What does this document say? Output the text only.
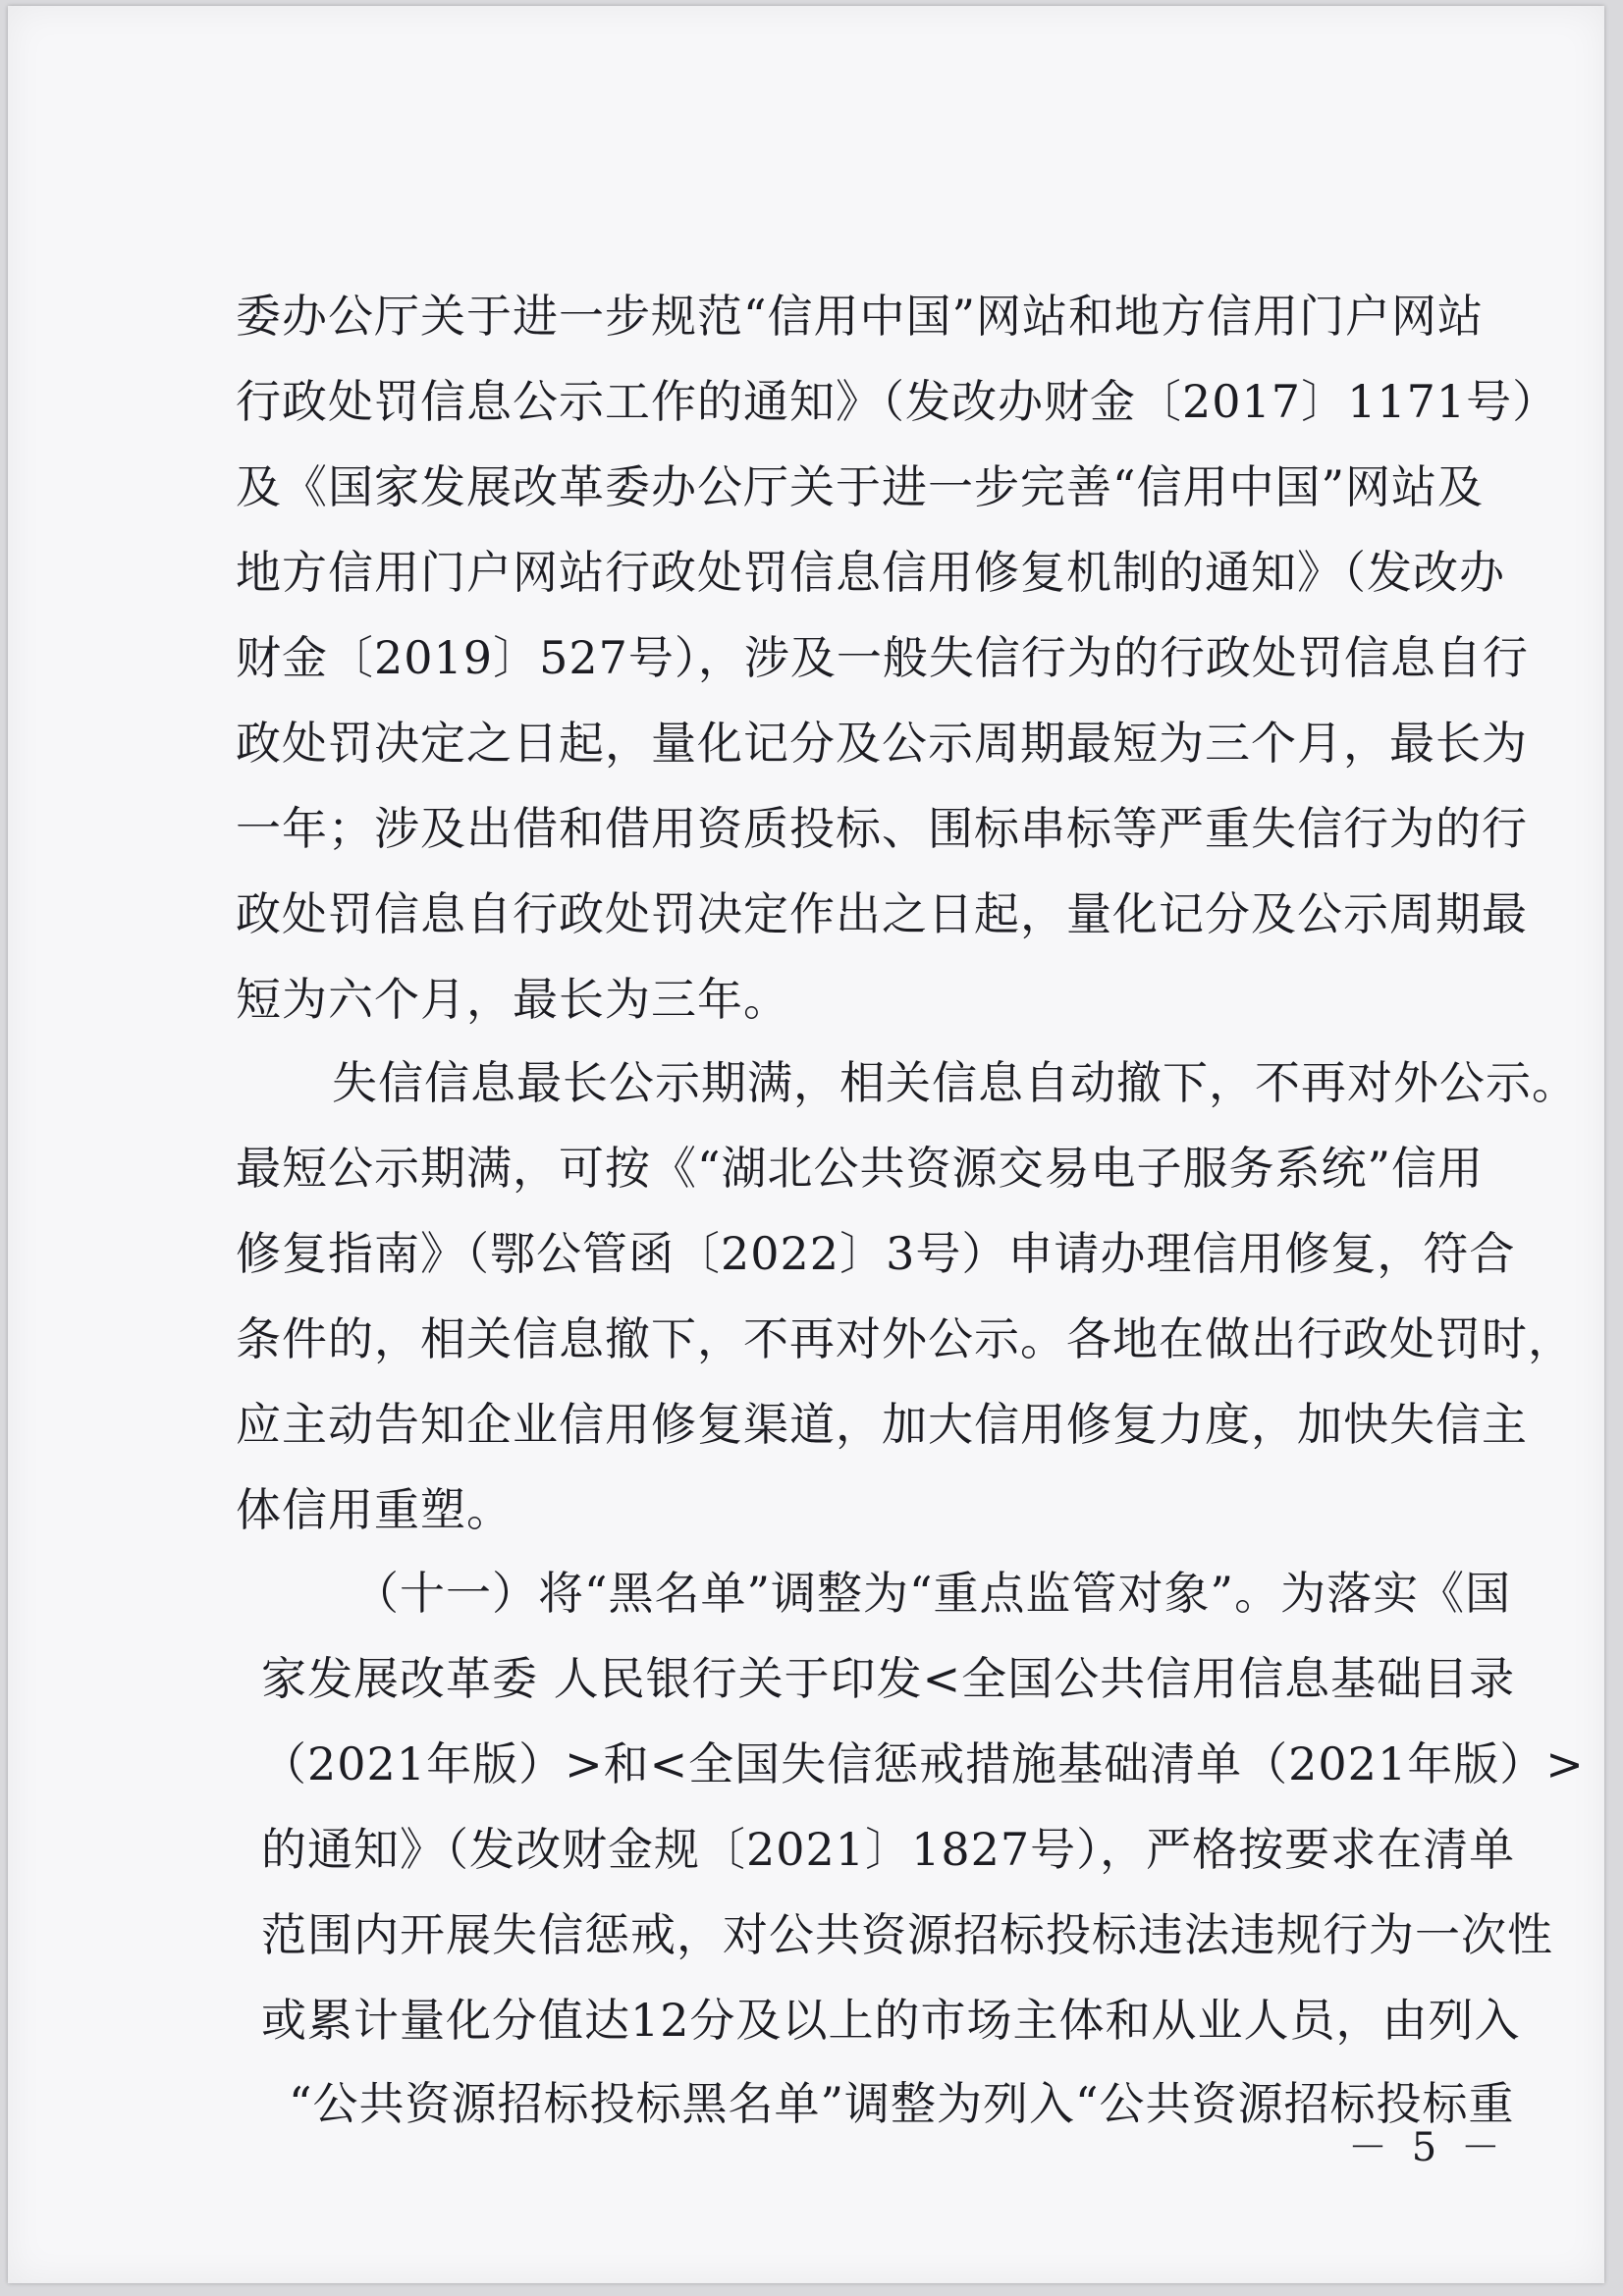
委办公厅关于进一步规范“信用中国”网站和地方信用门户网站
行政处罚信息公示工作的通知》（发改办财金〔2017〕1171号）
及《国家发展改革委办公厅关于进一步完善“信用中国”网站及
地方信用门户网站行政处罚信息信用修复机制的通知》（发改办
财金〔2019〕527号），涉及一般失信行为的行政处罚信息自行
政处罚决定之日起，量化记分及公示周期最短为三个月，最长为
一年；涉及出借和借用资质投标、围标串标等严重失信行为的行
政处罚信息自行政处罚决定作出之日起，量化记分及公示周期最
短为六个月，最长为三年。
失信信息最长公示期满，相关信息自动撤下，不再对外公示。
最短公示期满，可按《“湖北公共资源交易电子服务系统”信用
修复指南》（鄂公管函〔2022〕3号）申请办理信用修复，符合
条件的，相关信息撤下，不再对外公示。各地在做出行政处罚时，
应主动告知企业信用修复渠道，加大信用修复力度，加快失信主
体信用重塑。
（十一）将“黑名单”调整为“重点监管对象”。为落实《国
家发展改革委 人民银行关于印发<全国公共信用信息基础目录
（2021年版）>和<全国失信惩戒措施基础清单（2021年版）>
的通知》（发改财金规〔2021〕1827号），严格按要求在清单
范围内开展失信惩戒，对公共资源招标投标违法违规行为一次性
或累计量化分值达12分及以上的市场主体和从业人员，由列入
“公共资源招标投标黑名单”调整为列入“公共资源招标投标重
－ 5 －
